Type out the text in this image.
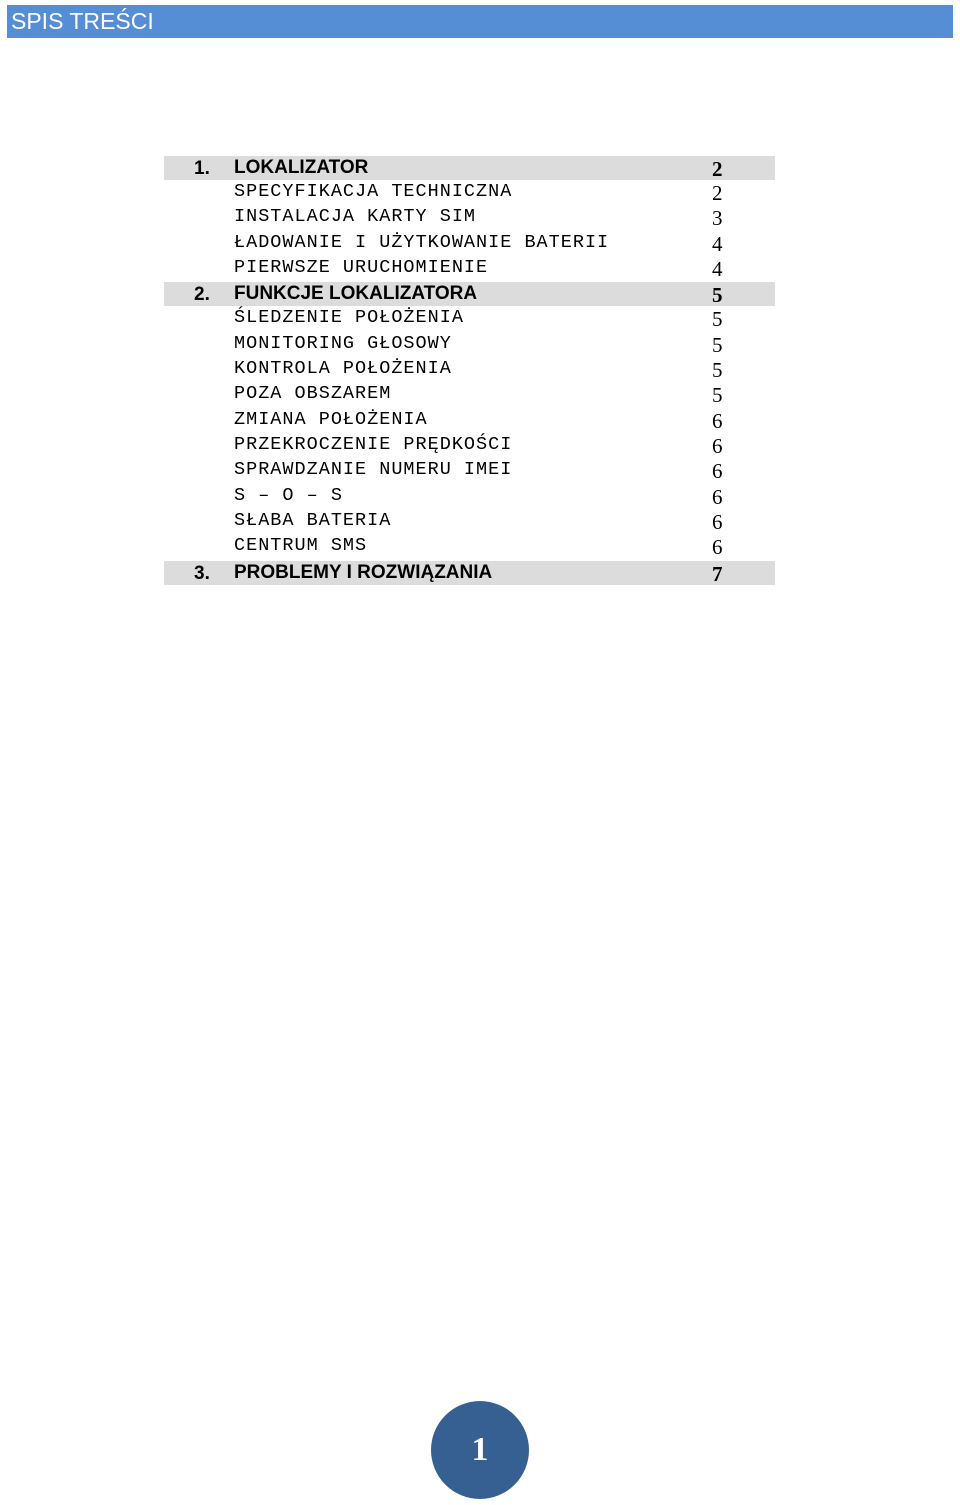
SPIS TREŚCI
1. LOKALIZATOR	2
SPECYFIKACJA TECHNICZNA	2
INSTALACJA KARTY SIM	3
ŁADOWANIE I UŻYTKOWANIE BATERII	4
PIERWSZE URUCHOMIENIE	4
2. FUNKCJE LOKALIZATORA	5
ŚLEDZENIE POŁOŻENIA	5
MONITORING GŁOSOWY	5
KONTROLA POŁOŻENIA	5
POZA OBSZAREM	5
ZMIANA POŁOŻENIA	6
PRZEKROCZENIE PRĘDKOŚCI	6
SPRAWDZANIE NUMERU IMEI	6
S – O – S	6
SŁABA BATERIA	6
CENTRUM SMS	6
3. PROBLEMY I ROZWIĄZANIA	7
1
